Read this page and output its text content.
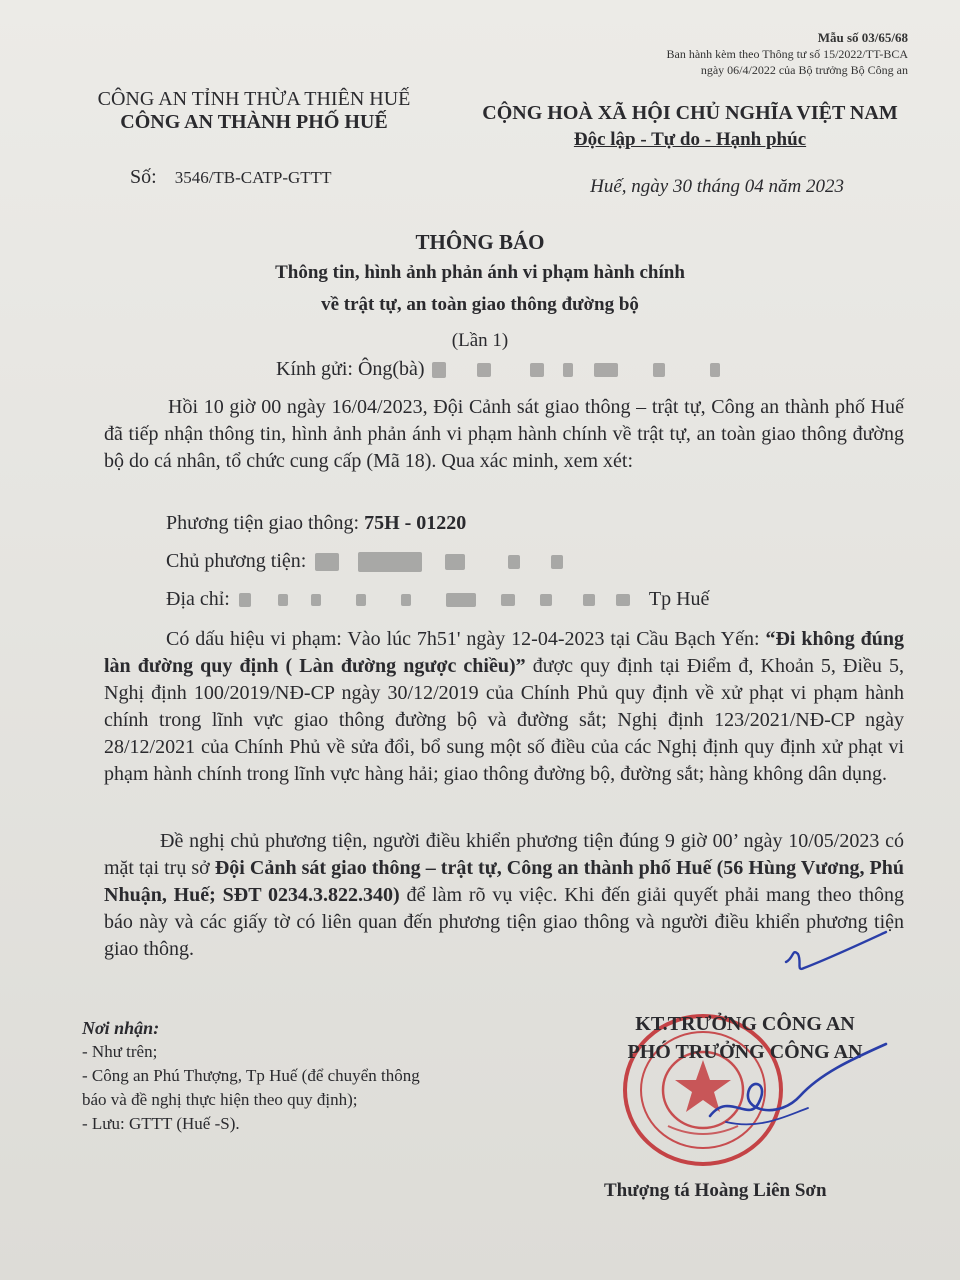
Mẫu số 03/65/68
Ban hành kèm theo Thông tư số 15/2022/TT-BCA
ngày 06/4/2022 của Bộ trưởng Bộ Công an
CÔNG AN TỈNH THỪA THIÊN HUẾ
CÔNG AN THÀNH PHỐ HUẾ	CỘNG HOÀ XÃ HỘI CHỦ NGHĨA VIỆT NAM
Độc lập - Tự do - Hạnh phúc
Số: 3546/TB-CATP-GTTT	Huế, ngày 30 tháng 04 năm 2023
THÔNG BÁO
Thông tin, hình ảnh phản ánh vi phạm hành chính
về trật tự, an toàn giao thông đường bộ
(Lần 1)
Kính gửi: Ông(bà)
Hồi 10 giờ 00 ngày 16/04/2023, Đội Cảnh sát giao thông – trật tự, Công an thành phố Huế đã tiếp nhận thông tin, hình ảnh phản ánh vi phạm hành chính về trật tự, an toàn giao thông đường bộ do cá nhân, tổ chức cung cấp (Mã 18). Qua xác minh, xem xét:
Phương tiện giao thông: 75H - 01220
Chủ phương tiện:
Địa chỉ:	Tp Huế
Có dấu hiệu vi phạm: Vào lúc 7h51' ngày 12-04-2023 tại Cầu Bạch Yến: “Đi không đúng làn đường quy định ( Làn đường ngược chiều)” được quy định tại Điểm đ, Khoản 5, Điều 5, Nghị định 100/2019/NĐ-CP ngày 30/12/2019 của Chính Phủ quy định về xử phạt vi phạm hành chính trong lĩnh vực giao thông đường bộ và đường sắt; Nghị định 123/2021/NĐ-CP ngày 28/12/2021 của Chính Phủ về sửa đổi, bổ sung một số điều của các Nghị định quy định xử phạt vi phạm hành chính trong lĩnh vực hàng hải; giao thông đường bộ, đường sắt; hàng không dân dụng.
Đề nghị chủ phương tiện, người điều khiển phương tiện đúng 9 giờ 00’ ngày 10/05/2023 có mặt tại trụ sở Đội Cảnh sát giao thông – trật tự, Công an thành phố Huế (56 Hùng Vương, Phú Nhuận, Huế; SĐT 0234.3.822.340) để làm rõ vụ việc. Khi đến giải quyết phải mang theo thông báo này và các giấy tờ có liên quan đến phương tiện giao thông và người điều khiển phương tiện giao thông.
Nơi nhận:
- Như trên;
- Công an Phú Thượng, Tp Huế (để chuyển thông
báo và đề nghị thực hiện theo quy định);
- Lưu: GTTT (Huế -S).
KT.TRƯỞNG CÔNG AN
PHÓ TRƯỞNG CÔNG AN
Thượng tá Hoàng Liên Sơn
